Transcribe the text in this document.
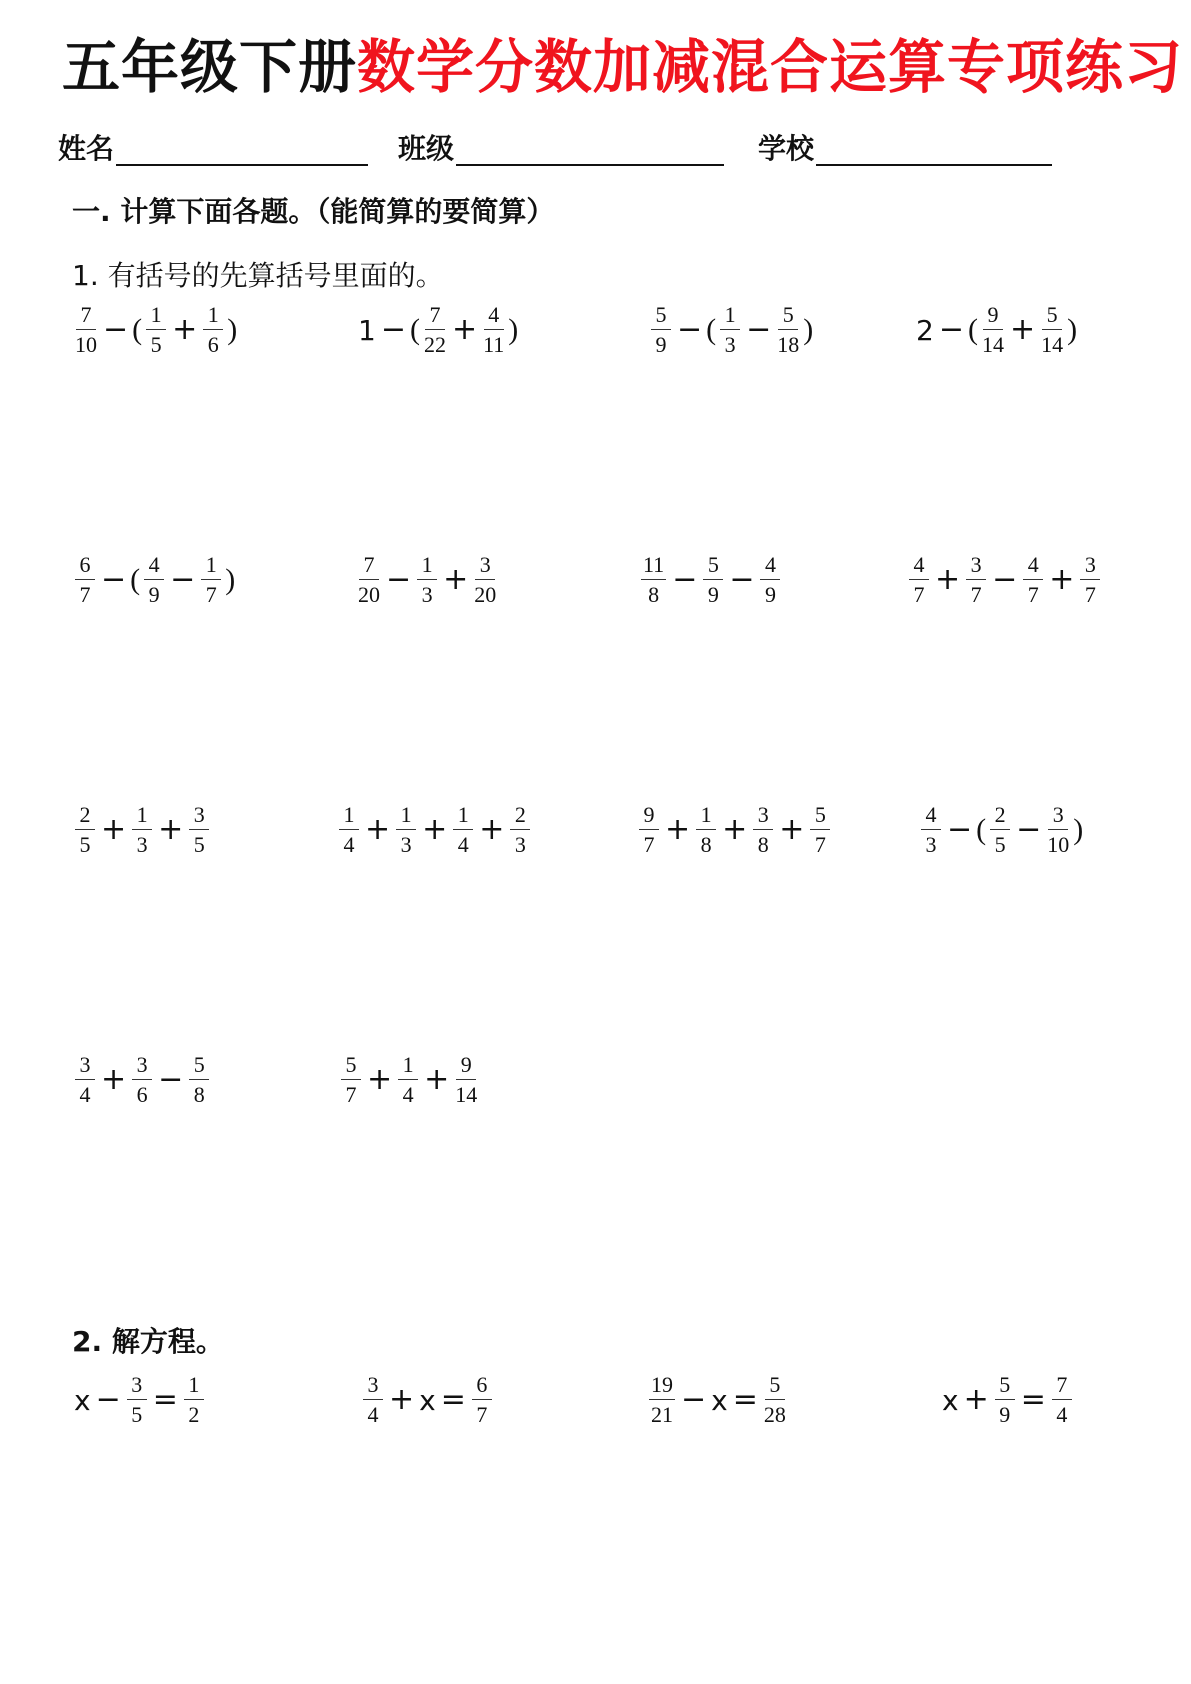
五年级下册数学分数加减混合运算专项练习
姓名	班级	学校
一. 计算下面各题。（能简算的要简算）
1. 有括号的先算括号里面的。
$\frac{7}{10}$ − ( $\frac{1}{5} + \frac{1}{6}$ )	1 − ( $\frac{7}{22} + \frac{4}{11}$ )	$\frac{5}{9}$ − ( $\frac{1}{3} - \frac{5}{18}$ )	2 − ( $\frac{9}{14} + \frac{5}{14}$ )
$\frac{6}{7}$ − ( $\frac{4}{9} - \frac{1}{7}$ )	$\frac{7}{20} - \frac{1}{3} + \frac{3}{20}$	$\frac{11}{8} - \frac{5}{9} - \frac{4}{9}$	$\frac{4}{7} + \frac{3}{7} - \frac{4}{7} + \frac{3}{7}$
$\frac{2}{5} + \frac{1}{3} + \frac{3}{5}$	$\frac{1}{4} + \frac{1}{3} + \frac{1}{4} + \frac{2}{3}$	$\frac{9}{7} + \frac{1}{8} + \frac{3}{8} + \frac{5}{7}$	$\frac{4}{3}$ − ( $\frac{2}{5} - \frac{3}{10}$ )
$\frac{3}{4} + \frac{3}{6} - \frac{5}{8}$	$\frac{5}{7} + \frac{1}{4} + \frac{9}{14}$
2. 解方程。
$x - \frac{3}{5} = \frac{1}{2}$	$\frac{3}{4} + x = \frac{6}{7}$	$\frac{19}{21} - x = \frac{5}{28}$	$x + \frac{5}{9} = \frac{7}{4}$
